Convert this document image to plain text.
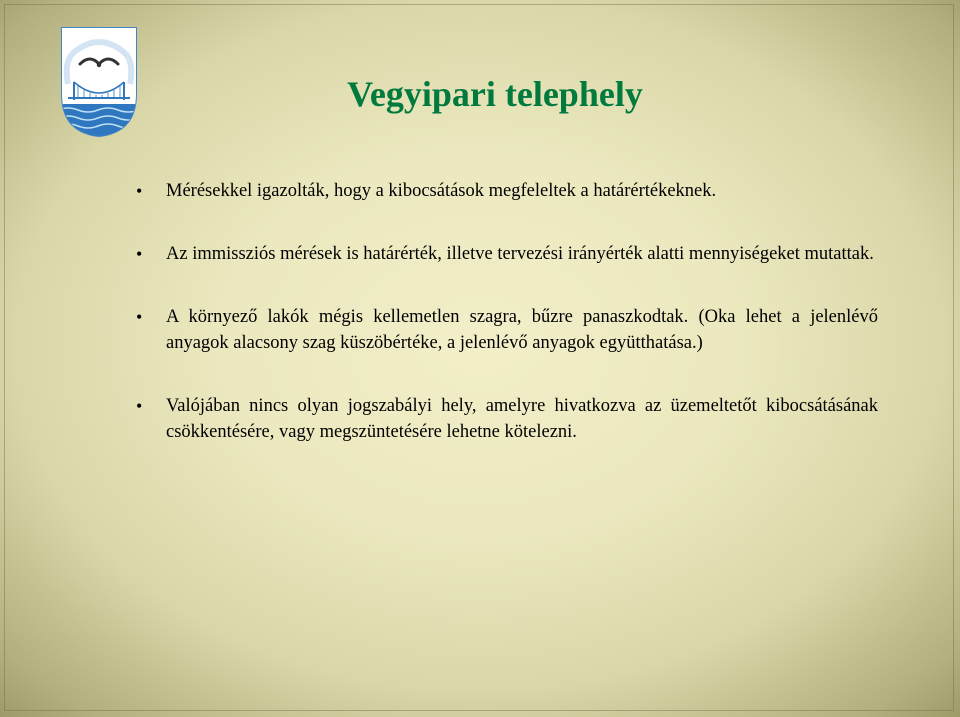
Vegyipari telephely
• Mérésekkel igazolták, hogy a kibocsátások megfeleltek a határértékeknek.
• Az immissziós mérések is határérték, illetve tervezési irányérték alatti mennyiségeket mutattak.
• A környező lakók mégis kellemetlen szagra, bűzre panaszkodtak. (Oka lehet a jelenlévő anyagok alacsony szag küszöbértéke, a jelenlévő anyagok együtthatása.)
• Valójában nincs olyan jogszabályi hely, amelyre hivatkozva az üzemeltetőt kibocsátásának csökkentésére, vagy megszüntetésére lehetne kötelezni.
